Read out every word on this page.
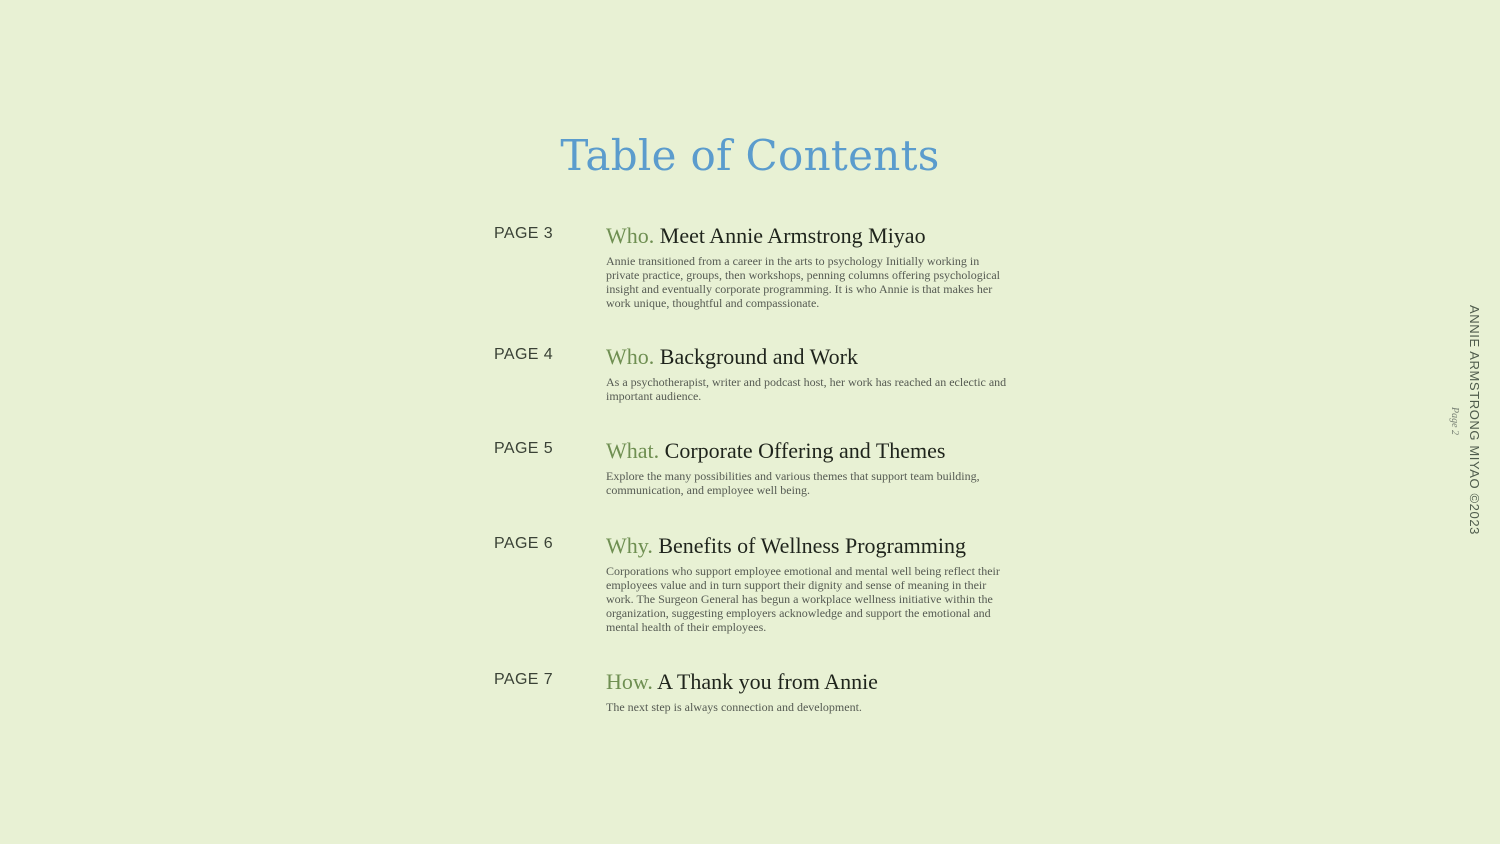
Table of Contents
PAGE 3 Who. Meet Annie Armstrong Miyao

Annie transitioned from a career in the arts to psychology Initially working in private practice, groups, then workshops, penning columns offering psychological insight and eventually corporate programming. It is who Annie is that makes her work unique, thoughtful and compassionate.

PAGE 4 Who. Background and Work

As a psychotherapist, writer and podcast host, her work has reached an eclectic and important audience.

PAGE 5 What. Corporate Offering and Themes

Explore the many possibilities and various themes that support team building, communication, and employee well being.

PAGE 6 Why. Benefits of Wellness Programming

Corporations who support employee emotional and mental well being reflect their employees value and in turn support their dignity and sense of meaning in their work. The Surgeon General has begun a workplace wellness initiative within the organization, suggesting employers acknowledge and support the emotional and mental health of their employees.

PAGE 7 How. A Thank you from Annie

The next step is always connection and development.

ANNIE ARMSTRONG MIYAO ©2023
Page 2
